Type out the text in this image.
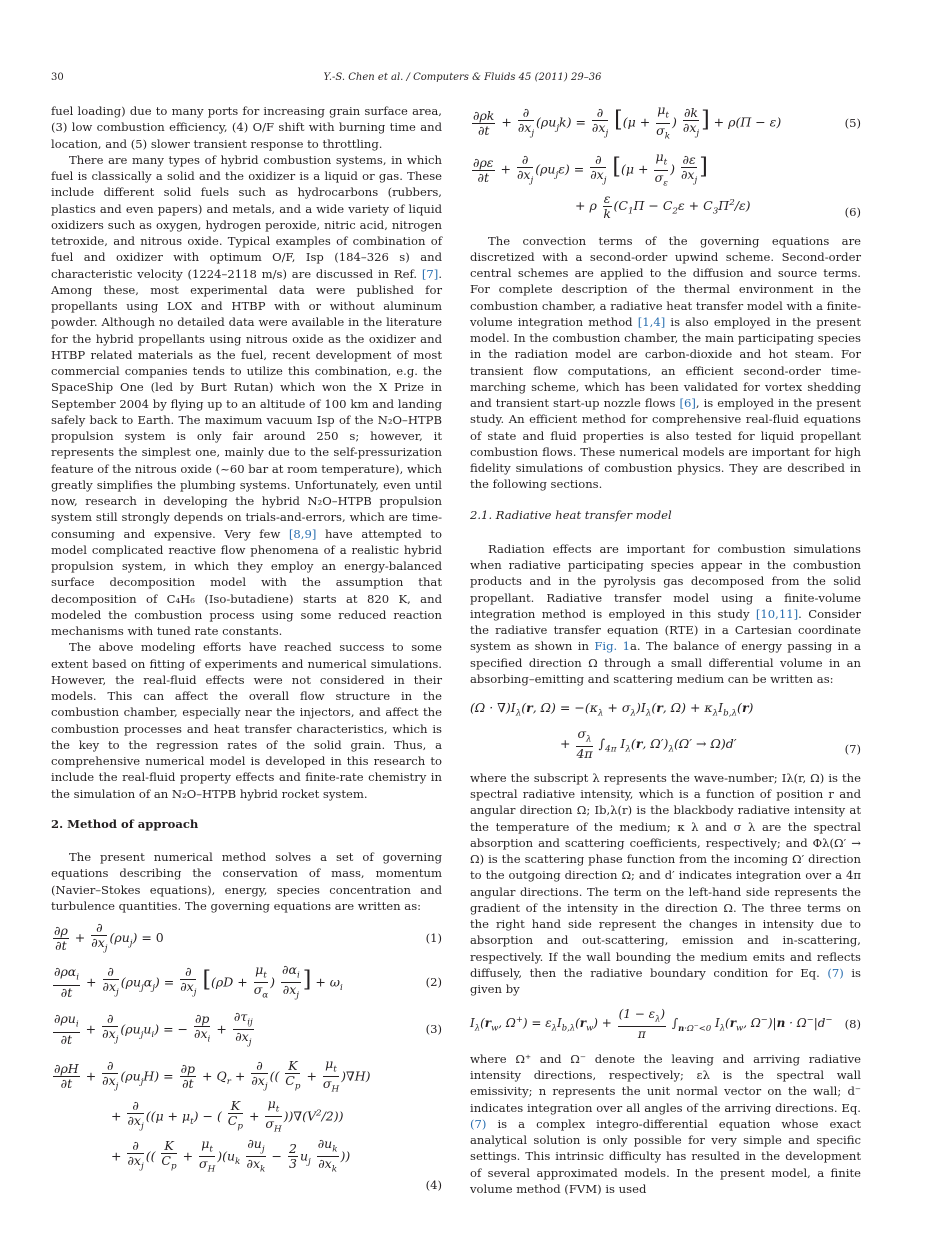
30	Y.-S. Chen et al. / Computers & Fluids 45 (2011) 29–36

fuel loading) due to many ports for increasing grain surface area, (3) low combustion efficiency, (4) O/F shift with burning time and location, and (5) slower transient response to throttling.

There are many types of hybrid combustion systems, in which fuel is classically a solid and the oxidizer is a liquid or gas. These include different solid fuels such as hydrocarbons (rubbers, plastics and even papers) and metals, and a wide variety of liquid oxidizers such as oxygen, hydrogen peroxide, nitric acid, nitrogen tetroxide, and nitrous oxide. Typical examples of combination of fuel and oxidizer with optimum O/F, Isp (184–326 s) and characteristic velocity (1224–2118 m/s) are discussed in Ref. [7]. Among these, most experimental data were published for propellants using LOX and HTBP with or without aluminum powder. Although no detailed data were available in the literature for the hybrid propellants using nitrous oxide as the oxidizer and HTBP related materials as the fuel, recent development of most commercial companies tends to utilize this combination, e.g. the SpaceShip One (led by Burt Rutan) which won the X Prize in September 2004 by flying up to an altitude of 100 km and landing safely back to Earth. The maximum vacuum Isp of the N₂O–HTPB propulsion system is only fair around 250 s; however, it represents the simplest one, mainly due to the self-pressurization feature of the nitrous oxide (~60 bar at room temperature), which greatly simplifies the plumbing systems. Unfortunately, even until now, research in developing the hybrid N₂O–HTPB propulsion system still strongly depends on trials-and-errors, which are time-consuming and expensive. Very few [8,9] have attempted to model complicated reactive flow phenomena of a realistic hybrid propulsion system, in which they employ an energy-balanced surface decomposition model with the assumption that decomposition of C₄H₆ (Iso-butadiene) starts at 820 K, and modeled the combustion process using some reduced reaction mechanisms with tuned rate constants.

The above modeling efforts have reached success to some extent based on fitting of experiments and numerical simulations. However, the real-fluid effects were not considered in their models. This can affect the overall flow structure in the combustion chamber, especially near the injectors, and affect the combustion processes and heat transfer characteristics, which is the key to the regression rates of the solid grain. Thus, a comprehensive numerical model is developed in this research to include the real-fluid property effects and finite-rate chemistry in the simulation of an N₂O–HTPB hybrid rocket system.

2. Method of approach

The present numerical method solves a set of governing equations describing the conservation of mass, momentum (Navier–Stokes equations), energy, species concentration and turbulence quantities. The governing equations are written as:

$\frac{\partial\rho}{\partial t} + \frac{\partial}{\partial x_j} (\rho u_j) = 0$	(1)
$\frac{\partial\rho\alpha_i}{\partial t} + \frac{\partial}{\partial x_j} (\rho u_j\alpha_j) = \frac{\partial}{\partial x_j} [(\rho D + \frac{\mu_t}{\sigma_\alpha}$ ) $\frac{\partial\alpha_i}{\partial x_j}$ ] + $\omega_i$	(2)
$\frac{\partial\rho u_i}{\partial t} + \frac{\partial}{\partial x_j} (\rho u_ju_i)$ = − $\frac{\partial p}{\partial x_i} + \frac{\partial\tau_{ij}}{\partial x_j}$	(3)
$\frac{\partial\rho H}{\partial t} + \frac{\partial}{\partial x_j} (\rho u_jH) = \frac{\partial p}{\partial t} + Q_r + \frac{\partial}{\partial x_j}$ (( $\frac{K}{C_p} + \frac{\mu_t}{\sigma_H} )\nabla H$)
+ $\frac{\partial}{\partial x_j} ((\mu + \mu_t)$ − ( $\frac{K}{C_p} + \frac{\mu_t}{\sigma_H} ))\nabla(V^2/2)$)
+ $\frac{\partial}{\partial x_j}$ (( $\frac{K}{C_p} + \frac{\mu_t}{\sigma_H} )(u_k \frac{\partial u_j}{\partial x_k} - \frac{2}{3} u_j \frac{\partial u_k}{\partial x_k}$ ))
(4)
$\frac{\partial\rho k}{\partial t} + \frac{\partial}{\partial x_j} (\rho u_jk) = \frac{\partial}{\partial x_j} [(\mu + \frac{\mu_t}{\sigma_k}$ ) $\frac{\partial k}{\partial x_j}$ ] + ρ(Π − ε)	(5)
$\frac{\partial\rho\varepsilon}{\partial t} + \frac{\partial}{\partial x_j} (\rho u_j\varepsilon) = \frac{\partial}{\partial x_j} [(\mu + \frac{\mu_t}{\sigma_\varepsilon}$ ) $\frac{\partial\varepsilon}{\partial x_j}$ ]
+ ρ $\frac{\varepsilon}{k} (C_1\Pi - C_2\varepsilon + C_3\Pi^2/\varepsilon)$	(6)

The convection terms of the governing equations are discretized with a second-order upwind scheme. Second-order central schemes are applied to the diffusion and source terms. For complete description of the thermal environment in the combustion chamber, a radiative heat transfer model with a finite-volume integration method [1,4] is also employed in the present model. In the combustion chamber, the main participating species in the radiation model are carbon-dioxide and hot steam. For transient flow computations, an efficient second-order time-marching scheme, which has been validated for vortex shedding and transient start-up nozzle flows [6], is employed in the present study. An efficient method for comprehensive real-fluid equations of state and fluid properties is also tested for liquid propellant combustion flows. These numerical models are important for high fidelity simulations of combustion physics. They are described in the following sections.

2.1. Radiative heat transfer model

Radiation effects are important for combustion simulations when radiative participating species appear in the combustion products and in the pyrolysis gas decomposed from the solid propellant. Radiative transfer model using a finite-volume integration method is employed in this study [10,11]. Consider the radiative transfer equation (RTE) in a Cartesian coordinate system as shown in Fig. 1a. The balance of energy passing in a specified direction Ω through a small differential volume in an absorbing–emitting and scattering medium can be written as:

$(\Omega \cdot \nabla)I_\lambda(r$, $\Omega) = -(\kappa_\lambda + \sigma_\lambda)I_\lambda(r$, $\Omega) + \kappa_\lambda I_{b,\lambda}(r)$
+ $\frac{\sigma_\lambda}{4\pi} \int_{4\pi}$ $I_\lambda(r$, $\Omega')_\lambda(\Omega' \to \Omega)d'$	(7)

where the subscript λ represents the wave-number; Iλ(r, Ω) is the spectral radiative intensity, which is a function of position r and angular direction Ω; Ib,λ(r) is the blackbody radiative intensity at the temperature of the medium; κ λ and σ λ are the spectral absorption and scattering coefficients, respectively; and Φλ(Ω′ → Ω) is the scattering phase function from the incoming Ω′ direction to the outgoing direction Ω; and d′ indicates integration over a 4π angular directions. The term on the left-hand side represents the gradient of the intensity in the direction Ω. The three terms on the right hand side represent the changes in intensity due to absorption and out-scattering, emission and in-scattering, respectively. If the wall bounding the medium emits and reflects diffusely, then the radiative boundary condition for Eq. (7) is given by

$I_\lambda(r_w$, $\Omega^+) = \varepsilon_\lambda I_{b,\lambda}(r_w) + \frac{(1 - \varepsilon_\lambda)}{\pi} \int_{n\cdot\Omega^-<0}$ $I_\lambda(r_w$, Ω−)|n · Ω−|d− (8)

where Ω⁺ and Ω⁻ denote the leaving and arriving radiative intensity directions, respectively; ελ is the spectral wall emissivity; n represents the unit normal vector on the wall; d⁻ indicates integration over all angles of the arriving directions. Eq. (7) is a complex integro-differential equation whose exact analytical solution is only possible for very simple and specific settings. This intrinsic difficulty has resulted in the development of several approximated models. In the present model, a finite volume method (FVM) is used
